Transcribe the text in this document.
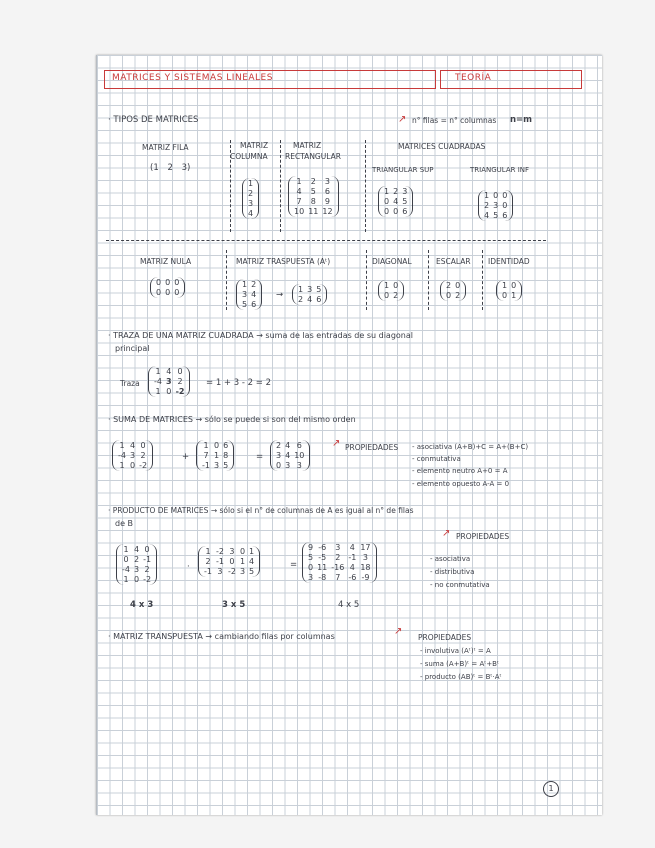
MATRICES Y SISTEMAS LINEALES	TEORÍA
· TIPOS DE MATRICES	↗ n° filas = n° columnas n=m
MATRIZ FILA
(1 2 3)
MATRIZ
COLUMNA
1
2
3
4
MATRIZ
RECTANGULAR
1	2	3
4	5	6
7	8	9
10 11 12
MATRICES CUADRADAS
TRIANGULAR SUP
1 2 3
0 4 5
0 0 6
TRIANGULAR INF
1 0 0
2 3 0
4 5 6
MATRIZ NULA
0 0 0
0 0 0
MATRIZ TRASPUESTA (Aᵗ)
1 2
3 4
5 6
→
1 3 5
2 4 6
DIAGONAL
1 0
0 2
ESCALAR
2 0
0 2
IDENTIDAD
1 0
0 1
· TRAZA DE UNA MATRIZ CUADRADA → suma de las entradas de su diagonal
principal
Traza
1 4 0
-4 3 2
1 0 -2
= 1 + 3 - 2 = 2
· SUMA DE MATRICES → sólo se puede si son del mismo orden
1 4 0
-4 3 2
1 0 -2
+
1 0 6
7 1 8
-1 3 5
=
2 4 6
3 4 10
0 3 3
↗ PROPIEDADES - asociativa (A+B)+C = A+(B+C)
- conmutativa
- elemento neutro A+0 = A
- elemento opuesto A-A = 0
· PRODUCTO DE MATRICES → sólo si el n° de columnas de A es igual al n° de filas
de B
↗ PROPIEDADES
1 4 0
0 2 -1
-4 3 2
1 0 -2
·
1 -2 3 0 1
2 -1 0 1 4
-1 3 -2 3 5
=
9 -6	3	4 17
5 -5	2	-1 3
0 11 -16 4 18
3 -8	7	-6 -9
- asociativa
- distributiva
- no conmutativa
4 x 3	3 x 5	4 x 5
· MATRIZ TRANSPUESTA → cambiando filas por columnas	↗
PROPIEDADES
- involutiva (Aᵗ)ᵗ = A
- suma (A+B)ᵗ = Aᵗ+Bᵗ
- producto (AB)ᵗ = Bᵗ·Aᵗ
1
